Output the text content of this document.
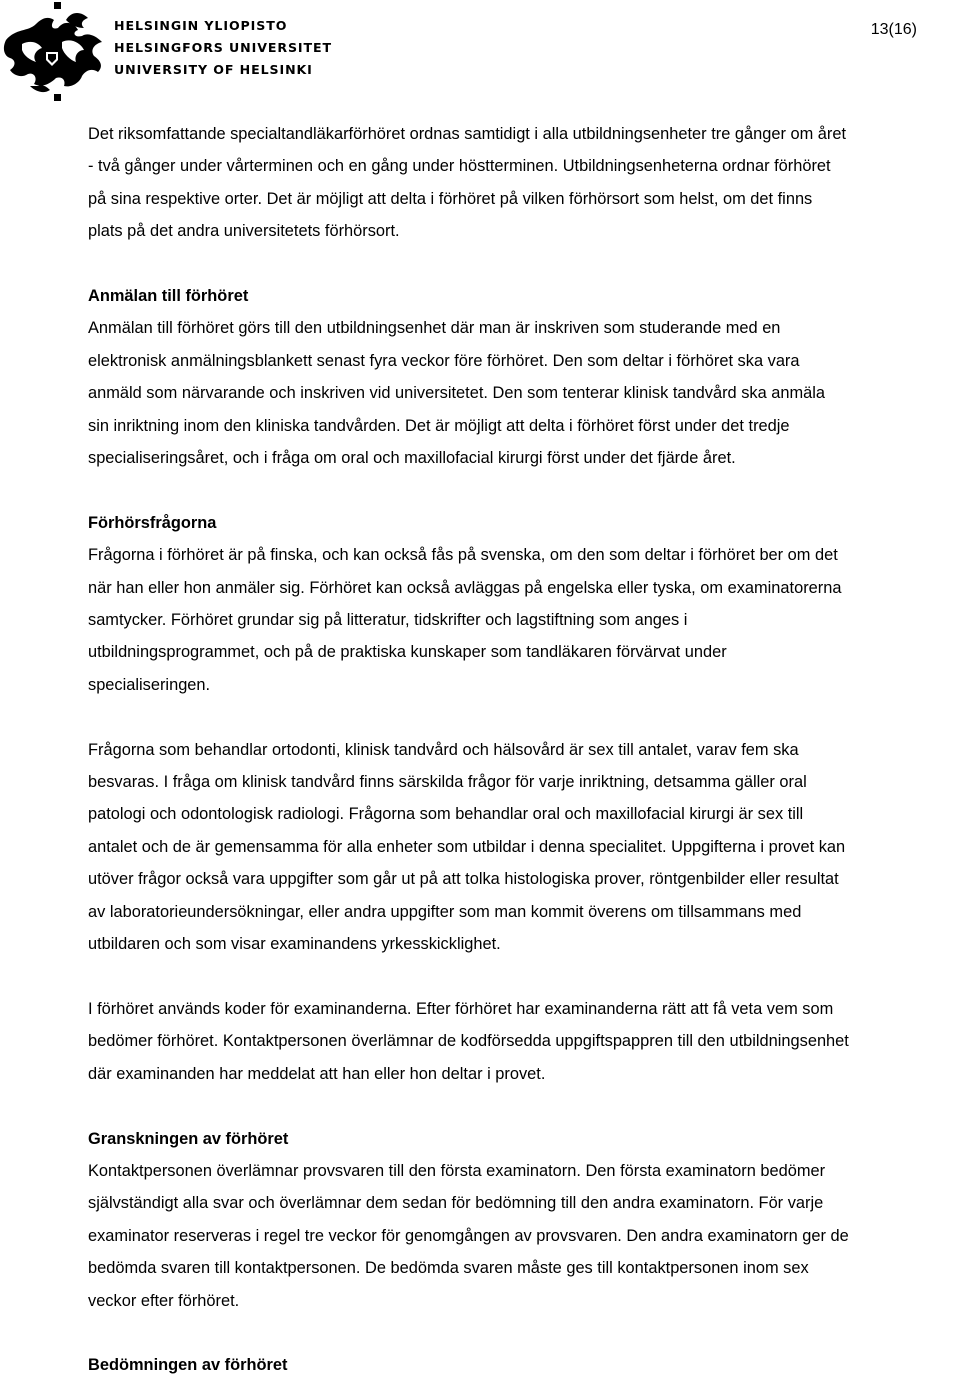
HELSINGIN YLIOPISTO
HELSINGFORS UNIVERSITET
UNIVERSITY OF HELSINKI
13(16)

Det riksomfattande specialtandläkarförhöret ordnas samtidigt i alla utbildningsenheter tre gånger om året
- två gånger under vårterminen och en gång under höstterminen. Utbildningsenheterna ordnar förhöret
på sina respektive orter. Det är möjligt att delta i förhöret på vilken förhörsort som helst, om det finns
plats på det andra universitetets förhörsort.

Anmälan till förhöret

Anmälan till förhöret görs till den utbildningsenhet där man är inskriven som studerande med en
elektronisk anmälningsblankett senast fyra veckor före förhöret. Den som deltar i förhöret ska vara
anmäld som närvarande och inskriven vid universitetet. Den som tenterar klinisk tandvård ska anmäla
sin inriktning inom den kliniska tandvården. Det är möjligt att delta i förhöret först under det tredje
specialiseringsåret, och i fråga om oral och maxillofacial kirurgi först under det fjärde året.

Förhörsfrågorna

Frågorna i förhöret är på finska, och kan också fås på svenska, om den som deltar i förhöret ber om det
när han eller hon anmäler sig. Förhöret kan också avläggas på engelska eller tyska, om examinatorerna
samtycker. Förhöret grundar sig på litteratur, tidskrifter och lagstiftning som anges i
utbildningsprogrammet, och på de praktiska kunskaper som tandläkaren förvärvat under
specialiseringen.

Frågorna som behandlar ortodonti, klinisk tandvård och hälsovård är sex till antalet, varav fem ska
besvaras. I fråga om klinisk tandvård finns särskilda frågor för varje inriktning, detsamma gäller oral
patologi och odontologisk radiologi. Frågorna som behandlar oral och maxillofacial kirurgi är sex till
antalet och de är gemensamma för alla enheter som utbildar i denna specialitet. Uppgifterna i provet kan
utöver frågor också vara uppgifter som går ut på att tolka histologiska prover, röntgenbilder eller resultat
av laboratorieundersökningar, eller andra uppgifter som man kommit överens om tillsammans med
utbildaren och som visar examinandens yrkesskicklighet.

I förhöret används koder för examinanderna. Efter förhöret har examinanderna rätt att få veta vem som
bedömer förhöret. Kontaktpersonen överlämnar de kodförsedda uppgiftspappren till den utbildningsenhet
där examinanden har meddelat att han eller hon deltar i provet.

Granskningen av förhöret

Kontaktpersonen överlämnar provsvaren till den första examinatorn. Den första examinatorn bedömer
självständigt alla svar och överlämnar dem sedan för bedömning till den andra examinatorn. För varje
examinator reserveras i regel tre veckor för genomgången av provsvaren. Den andra examinatorn ger de
bedömda svaren till kontaktpersonen. De bedömda svaren måste ges till kontaktpersonen inom sex
veckor efter förhöret.

Bedömningen av förhöret
